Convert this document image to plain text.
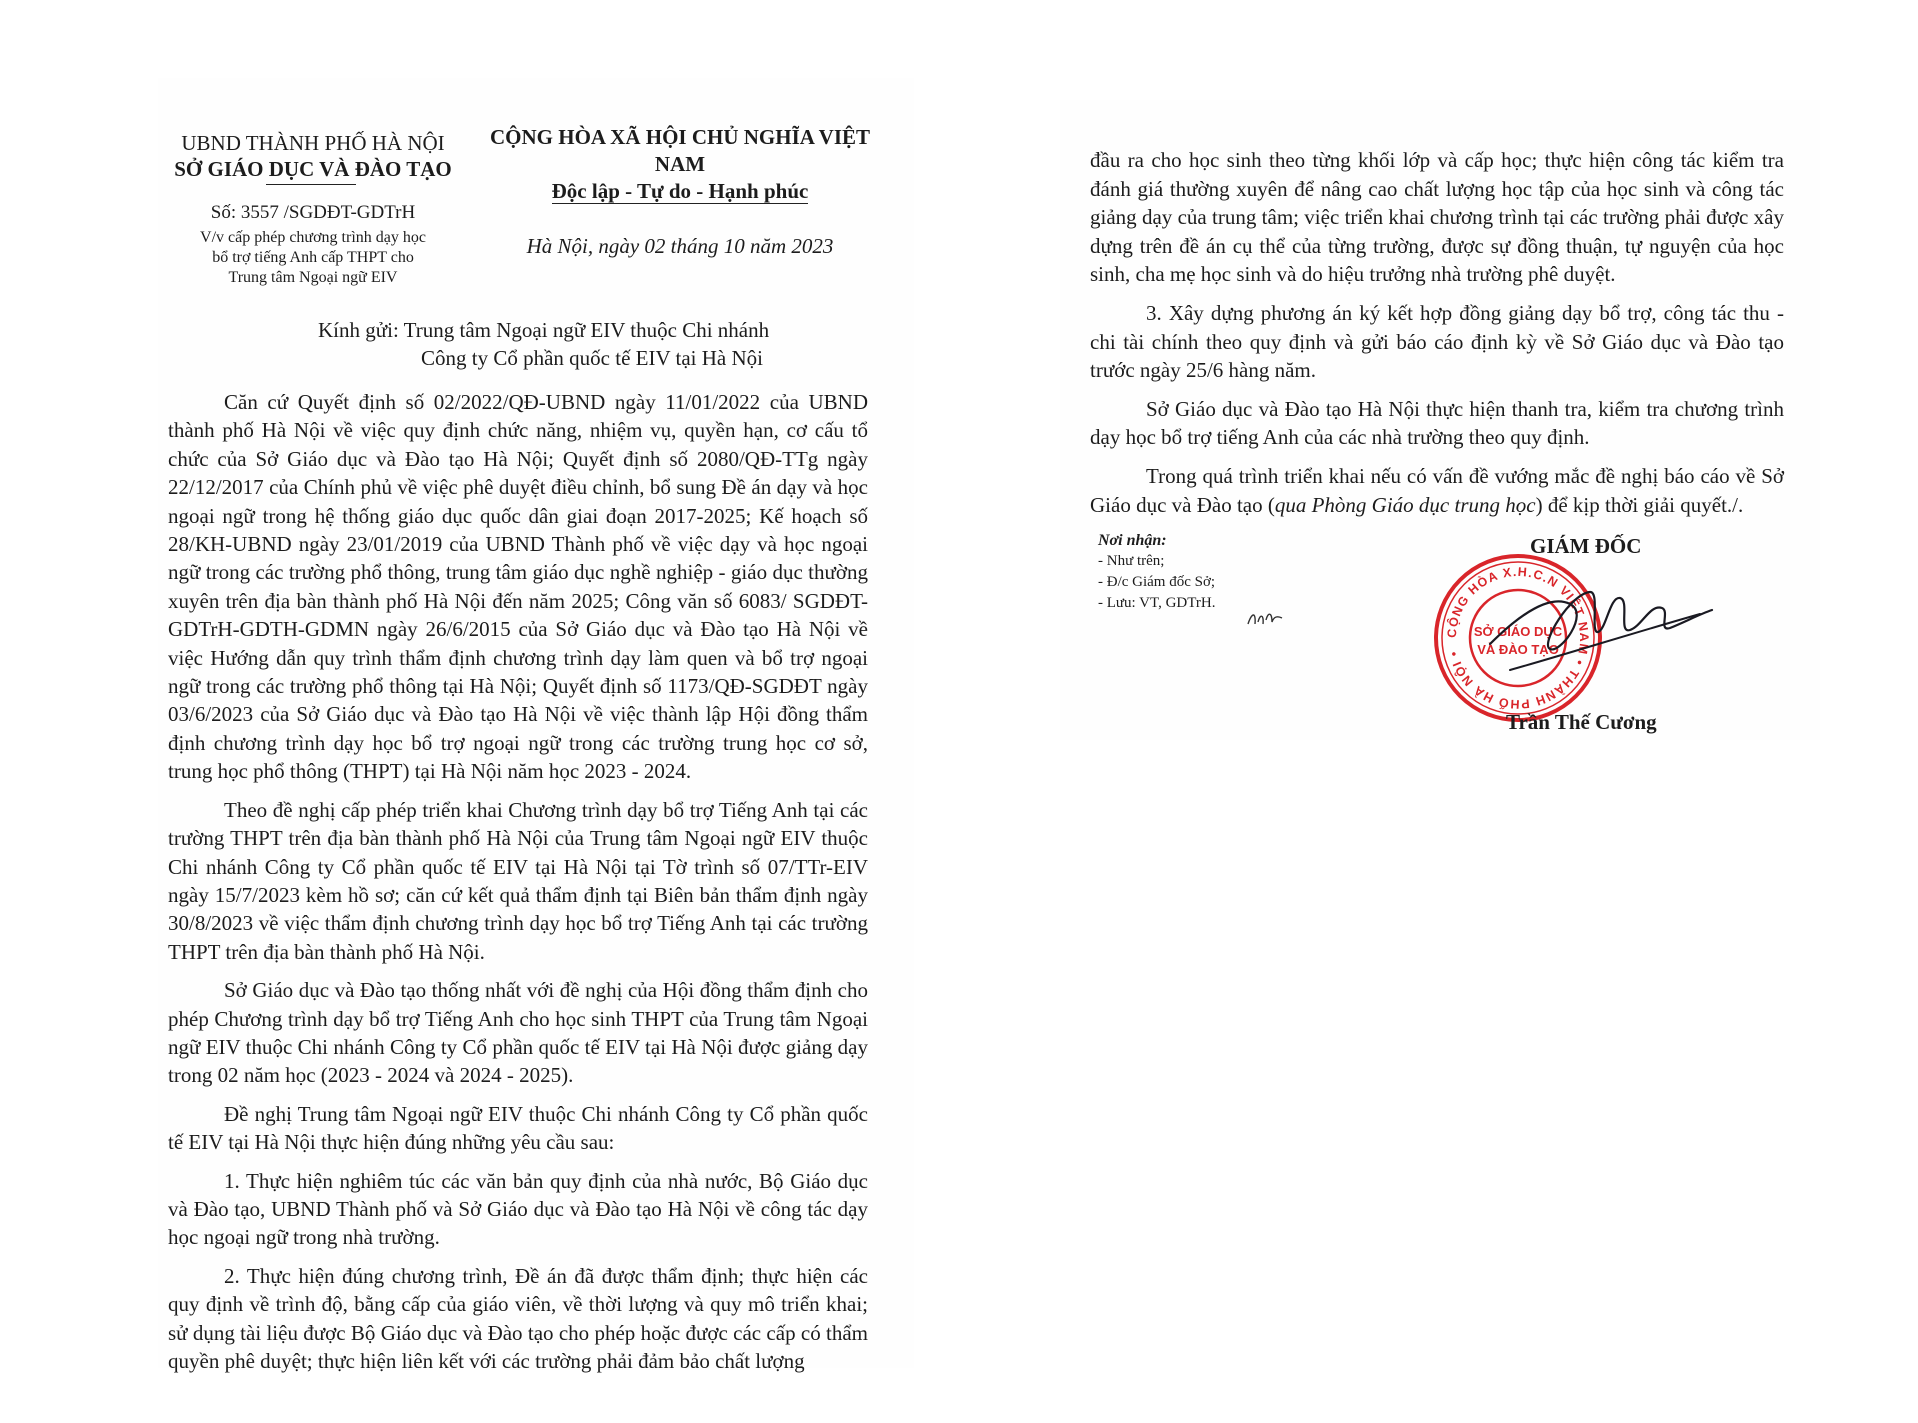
UBND THÀNH PHỐ HÀ NỘI
SỞ GIÁO DỤC VÀ ĐÀO TẠO
Số: 3557 /SGDĐT-GDTrH
V/v cấp phép chương trình dạy học
bổ trợ tiếng Anh cấp THPT cho
Trung tâm Ngoại ngữ EIV
CỘNG HÒA XÃ HỘI CHỦ NGHĨA VIỆT NAM
Độc lập - Tự do - Hạnh phúc
Hà Nội, ngày 02 tháng 10 năm 2023
Kính gửi: Trung tâm Ngoại ngữ EIV thuộc Chi nhánh
Công ty Cổ phần quốc tế EIV tại Hà Nội

Căn cứ Quyết định số 02/2022/QĐ-UBND ngày 11/01/2022 của UBND thành phố Hà Nội về việc quy định chức năng, nhiệm vụ, quyền hạn, cơ cấu tổ chức của Sở Giáo dục và Đào tạo Hà Nội; Quyết định số 2080/QĐ-TTg ngày 22/12/2017 của Chính phủ về việc phê duyệt điều chỉnh, bổ sung Đề án dạy và học ngoại ngữ trong hệ thống giáo dục quốc dân giai đoạn 2017-2025; Kế hoạch số 28/KH-UBND ngày 23/01/2019 của UBND Thành phố về việc dạy và học ngoại ngữ trong các trường phổ thông, trung tâm giáo dục nghề nghiệp - giáo dục thường xuyên trên địa bàn thành phố Hà Nội đến năm 2025; Công văn số 6083/ SGDĐT-GDTrH-GDTH-GDMN ngày 26/6/2015 của Sở Giáo dục và Đào tạo Hà Nội về việc Hướng dẫn quy trình thẩm định chương trình dạy làm quen và bổ trợ ngoại ngữ trong các trường phổ thông tại Hà Nội; Quyết định số 1173/QĐ-SGDĐT ngày 03/6/2023 của Sở Giáo dục và Đào tạo Hà Nội về việc thành lập Hội đồng thẩm định chương trình dạy học bổ trợ ngoại ngữ trong các trường trung học cơ sở, trung học phổ thông (THPT) tại Hà Nội năm học 2023 - 2024.

Theo đề nghị cấp phép triển khai Chương trình dạy bổ trợ Tiếng Anh tại các trường THPT trên địa bàn thành phố Hà Nội của Trung tâm Ngoại ngữ EIV thuộc Chi nhánh Công ty Cổ phần quốc tế EIV tại Hà Nội tại Tờ trình số 07/TTr-EIV ngày 15/7/2023 kèm hồ sơ; căn cứ kết quả thẩm định tại Biên bản thẩm định ngày 30/8/2023 về việc thẩm định chương trình dạy học bổ trợ Tiếng Anh tại các trường THPT trên địa bàn thành phố Hà Nội.

Sở Giáo dục và Đào tạo thống nhất với đề nghị của Hội đồng thẩm định cho phép Chương trình dạy bổ trợ Tiếng Anh cho học sinh THPT của Trung tâm Ngoại ngữ EIV thuộc Chi nhánh Công ty Cổ phần quốc tế EIV tại Hà Nội được giảng dạy trong 02 năm học (2023 - 2024 và 2024 - 2025).

Đề nghị Trung tâm Ngoại ngữ EIV thuộc Chi nhánh Công ty Cổ phần quốc tế EIV tại Hà Nội thực hiện đúng những yêu cầu sau:

1. Thực hiện nghiêm túc các văn bản quy định của nhà nước, Bộ Giáo dục và Đào tạo, UBND Thành phố và Sở Giáo dục và Đào tạo Hà Nội về công tác dạy học ngoại ngữ trong nhà trường.

2. Thực hiện đúng chương trình, Đề án đã được thẩm định; thực hiện các quy định về trình độ, bằng cấp của giáo viên, về thời lượng và quy mô triển khai; sử dụng tài liệu được Bộ Giáo dục và Đào tạo cho phép hoặc được các cấp có thẩm quyền phê duyệt; thực hiện liên kết với các trường phải đảm bảo chất lượng

đầu ra cho học sinh theo từng khối lớp và cấp học; thực hiện công tác kiểm tra đánh giá thường xuyên để nâng cao chất lượng học tập của học sinh và công tác giảng dạy của trung tâm; việc triển khai chương trình tại các trường phải được xây dựng trên đề án cụ thể của từng trường, được sự đồng thuận, tự nguyện của học sinh, cha mẹ học sinh và do hiệu trưởng nhà trường phê duyệt.

3. Xây dựng phương án ký kết hợp đồng giảng dạy bổ trợ, công tác thu - chi tài chính theo quy định và gửi báo cáo định kỳ về Sở Giáo dục và Đào tạo trước ngày 25/6 hàng năm.

Sở Giáo dục và Đào tạo Hà Nội thực hiện thanh tra, kiểm tra chương trình dạy học bổ trợ tiếng Anh của các nhà trường theo quy định.

Trong quá trình triển khai nếu có vấn đề vướng mắc đề nghị báo cáo về Sở Giáo dục và Đào tạo (qua Phòng Giáo dục trung học) để kịp thời giải quyết./.

Nơi nhận:
- Như trên;
- Đ/c Giám đốc Sở;
- Lưu: VT, GDTrH.
GIÁM ĐỐC
CỘNG HÒA X.H.C.N VIỆT NAM • THÀNH PHỐ HÀ NỘI •
SỞ GIÁO DỤC
VÀ ĐÀO TẠO
Trần Thế Cương
